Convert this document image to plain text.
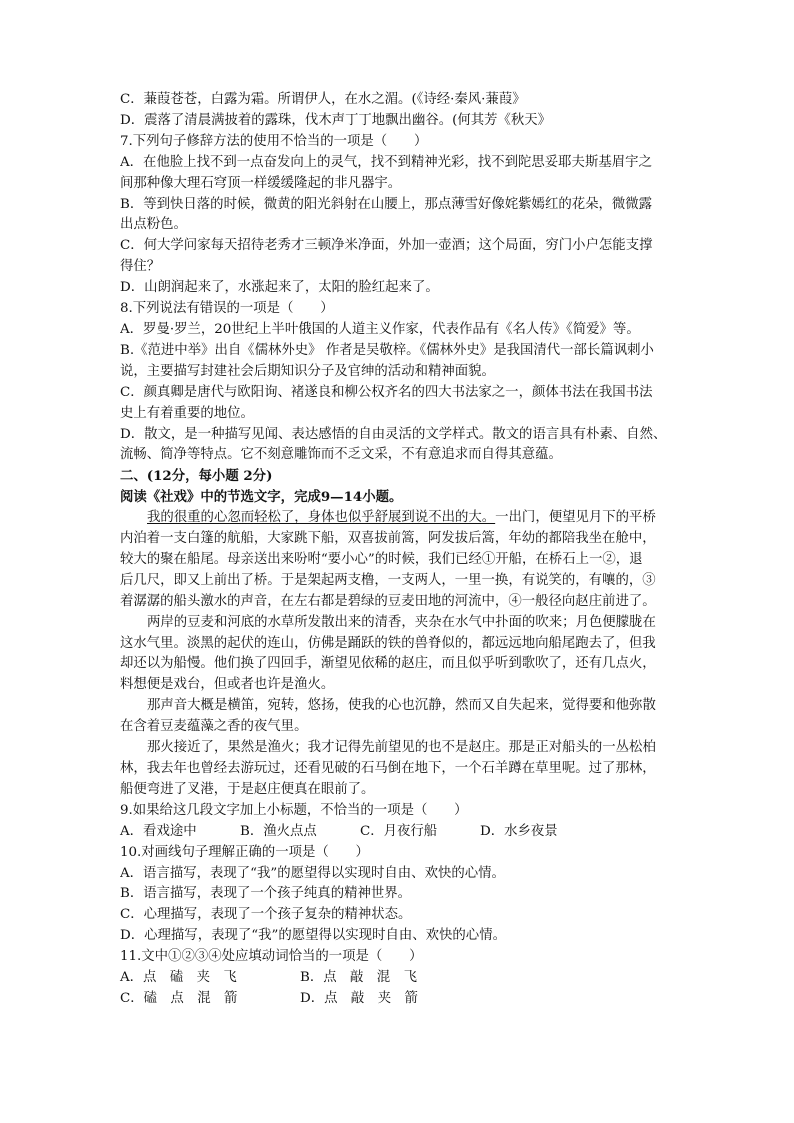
C．蒹葭苍苍，白露为霜。所谓伊人，在水之湄。(《诗经·秦风·蒹葭》
D．震落了清晨满披着的露珠，伐木声丁丁地飘出幽谷。(何其芳《秋天》
7.下列句子修辞方法的使用不恰当的一项是（　　）
A．在他脸上找不到一点奋发向上的灵气，找不到精神光彩，找不到陀思妥耶夫斯基眉宇之
间那种像大理石穹顶一样缓缓隆起的非凡器宇。
B．等到快日落的时候，微黄的阳光斜射在山腰上，那点薄雪好像姹紫嫣红的花朵，微微露
出点粉色。
C．何大学问家每天招待老秀才三顿净米净面，外加一壶酒；这个局面，穷门小户怎能支撑
得住？
D．山朗润起来了，水涨起来了，太阳的脸红起来了。
8.下列说法有错误的一项是（　　）
A．罗曼·罗兰，20世纪上半叶俄国的人道主义作家，代表作品有《名人传》《简爱》等。
B.《范进中举》出自《儒林外史》 作者是吴敬梓。《儒林外史》是我国清代一部长篇讽刺小
说，主要描写封建社会后期知识分子及官绅的活动和精神面貌。
C．颜真卿是唐代与欧阳询、褚遂良和柳公权齐名的四大书法家之一，颜体书法在我国书法
史上有着重要的地位。
D．散文，是一种描写见闻、表达感悟的自由灵活的文学样式。散文的语言具有朴素、自然、
流畅、简净等特点。它不刻意雕饰而不乏文采，不有意追求而自得其意蕴。
二、(12分，每小题 2分)
阅读《社戏》中的节选文字，完成9—14小题。
我的很重的心忽而轻松了，身体也似乎舒展到说不出的大。一出门，便望见月下的平桥
内泊着一支白篷的航船，大家跳下船，双喜拔前篙，阿发拔后篙，年幼的都陪我坐在舱中，
较大的聚在船尾。母亲送出来吩咐“要小心”的时候，我们已经①开船，在桥石上一②，退
后几尺，即又上前出了桥。于是架起两支橹，一支两人，一里一换，有说笑的，有嚷的，③
着潺潺的船头激水的声音，在左右都是碧绿的豆麦田地的河流中，④一般径向赵庄前进了。
两岸的豆麦和河底的水草所发散出来的清香，夹杂在水气中扑面的吹来；月色便朦胧在
这水气里。淡黑的起伏的连山，仿佛是踊跃的铁的兽脊似的，都远远地向船尾跑去了，但我
却还以为船慢。他们换了四回手，渐望见依稀的赵庄，而且似乎听到歌吹了，还有几点火，
料想便是戏台，但或者也许是渔火。
那声音大概是横笛，宛转，悠扬，使我的心也沉静，然而又自失起来，觉得要和他弥散
在含着豆麦蕴藻之香的夜气里。
那火接近了，果然是渔火；我才记得先前望见的也不是赵庄。那是正对船头的一丛松柏
林，我去年也曾经去游玩过，还看见破的石马倒在地下，一个石羊蹲在草里呢。过了那林，
船便弯进了叉港，于是赵庄便真在眼前了。
9.如果给这几段文字加上小标题，不恰当的一项是（　　）
A．看戏途中	B．渔火点点	C．月夜行船	D．水乡夜景
10.对画线句子理解正确的一项是（　　）
A．语言描写，表现了“我”的愿望得以实现时自由、欢快的心情。
B．语言描写，表现了一个孩子纯真的精神世界。
C．心理描写，表现了一个孩子复杂的精神状态。
D．心理描写，表现了“我”的愿望得以实现时自由、欢快的心情。
11.文中①②③④处应填动词恰当的一项是（　　）
A．点　磕　夹　飞	B．点　敲　混　飞
C．磕　点　混　箭	D．点　敲　夹　箭
